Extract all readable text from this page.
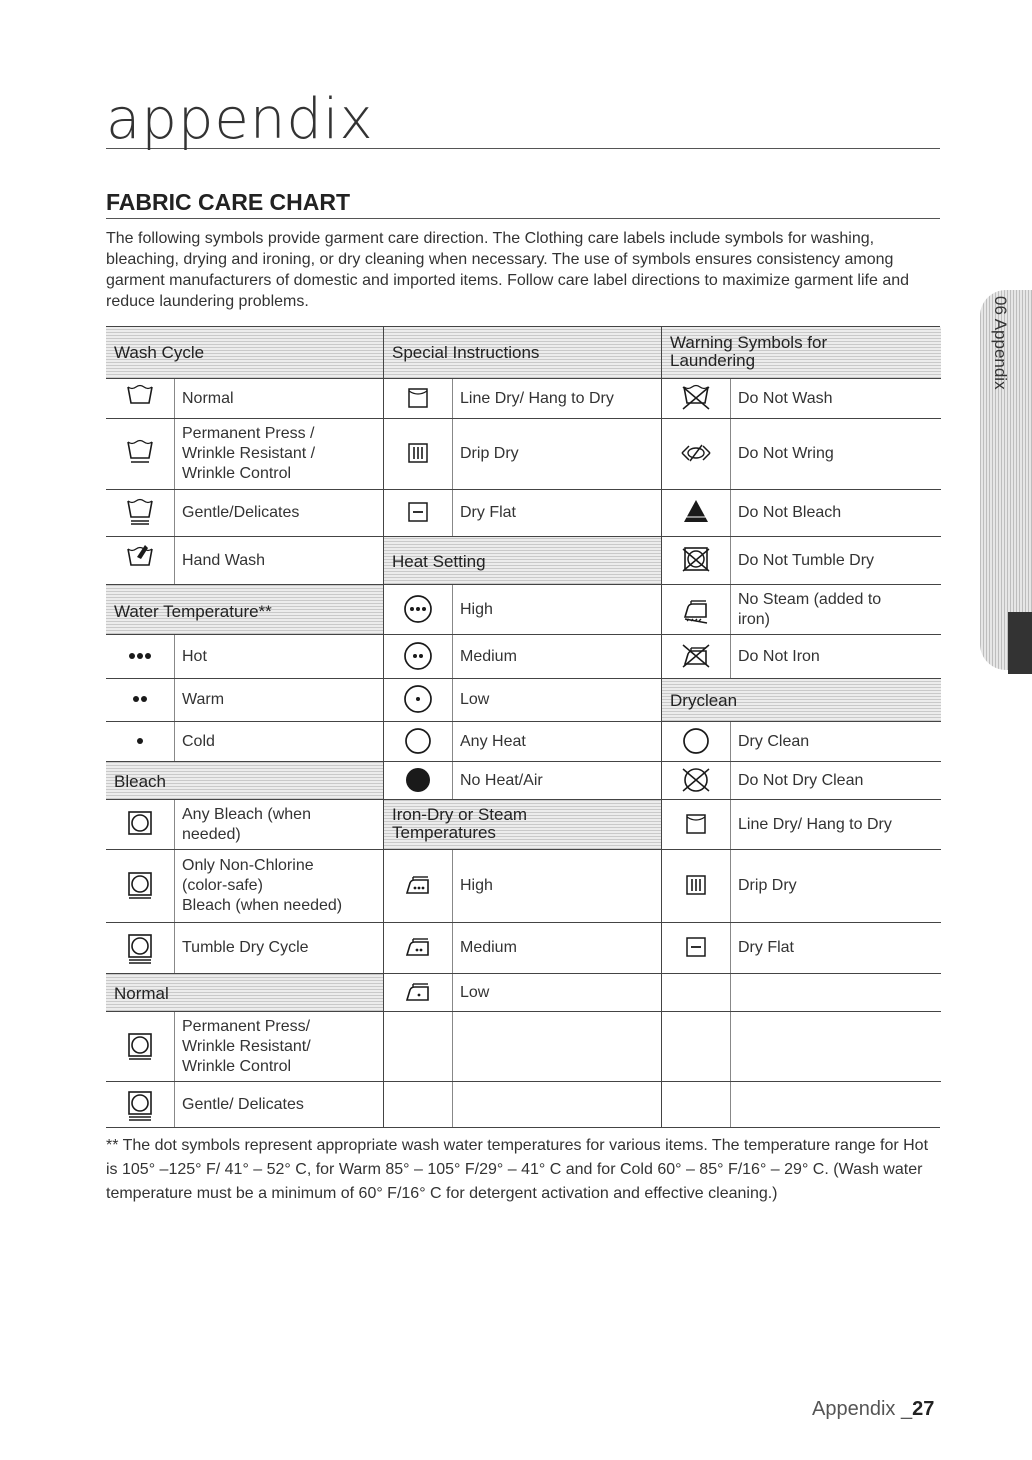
appendix
FABRIC CARE CHART
The following symbols provide garment care direction. The Clothing care labels include symbols for washing, bleaching, drying and ironing, or dry cleaning when necessary. The use of symbols ensures consistency among garment manufacturers of domestic and imported items. Follow care label directions to maximize garment life and reduce laundering problems.	06 Appendix
Wash Cycle
Normal
Permanent Press /
Wrinkle Resistant /
Wrinkle Control
Gentle/Delicates
Hand Wash
Water Temperature**
Hot
Warm
Cold
Bleach
Any Bleach (when
needed)
Only Non-Chlorine
(color-safe)
Bleach (when needed)
Tumble Dry Cycle
Normal
Permanent Press/
Wrinkle Resistant/
Wrinkle Control
Gentle/ Delicates
Special Instructions
Line Dry/ Hang to Dry
Drip Dry
Dry Flat
Heat Setting
High
Medium
Low
Any Heat
No Heat/Air
Iron-Dry or Steam
Temperatures
High
Medium
Low
Warning Symbols for
Laundering
Do Not Wash
Do Not Wring
Do Not Bleach
Do Not Tumble Dry
No Steam (added to
iron)
Do Not Iron
Dryclean
Dry Clean
Do Not Dry Clean
Line Dry/ Hang to Dry
Drip Dry
Dry Flat
** The dot symbols represent appropriate wash water temperatures for various items. The temperature range for Hot is 105° –125° F/ 41° – 52° C, for Warm 85° – 105° F/29° – 41° C and for Cold 60° – 85° F/16° – 29° C. (Wash water temperature must be a minimum of 60° F/16° C for detergent activation and effective cleaning.)
Appendix _27
